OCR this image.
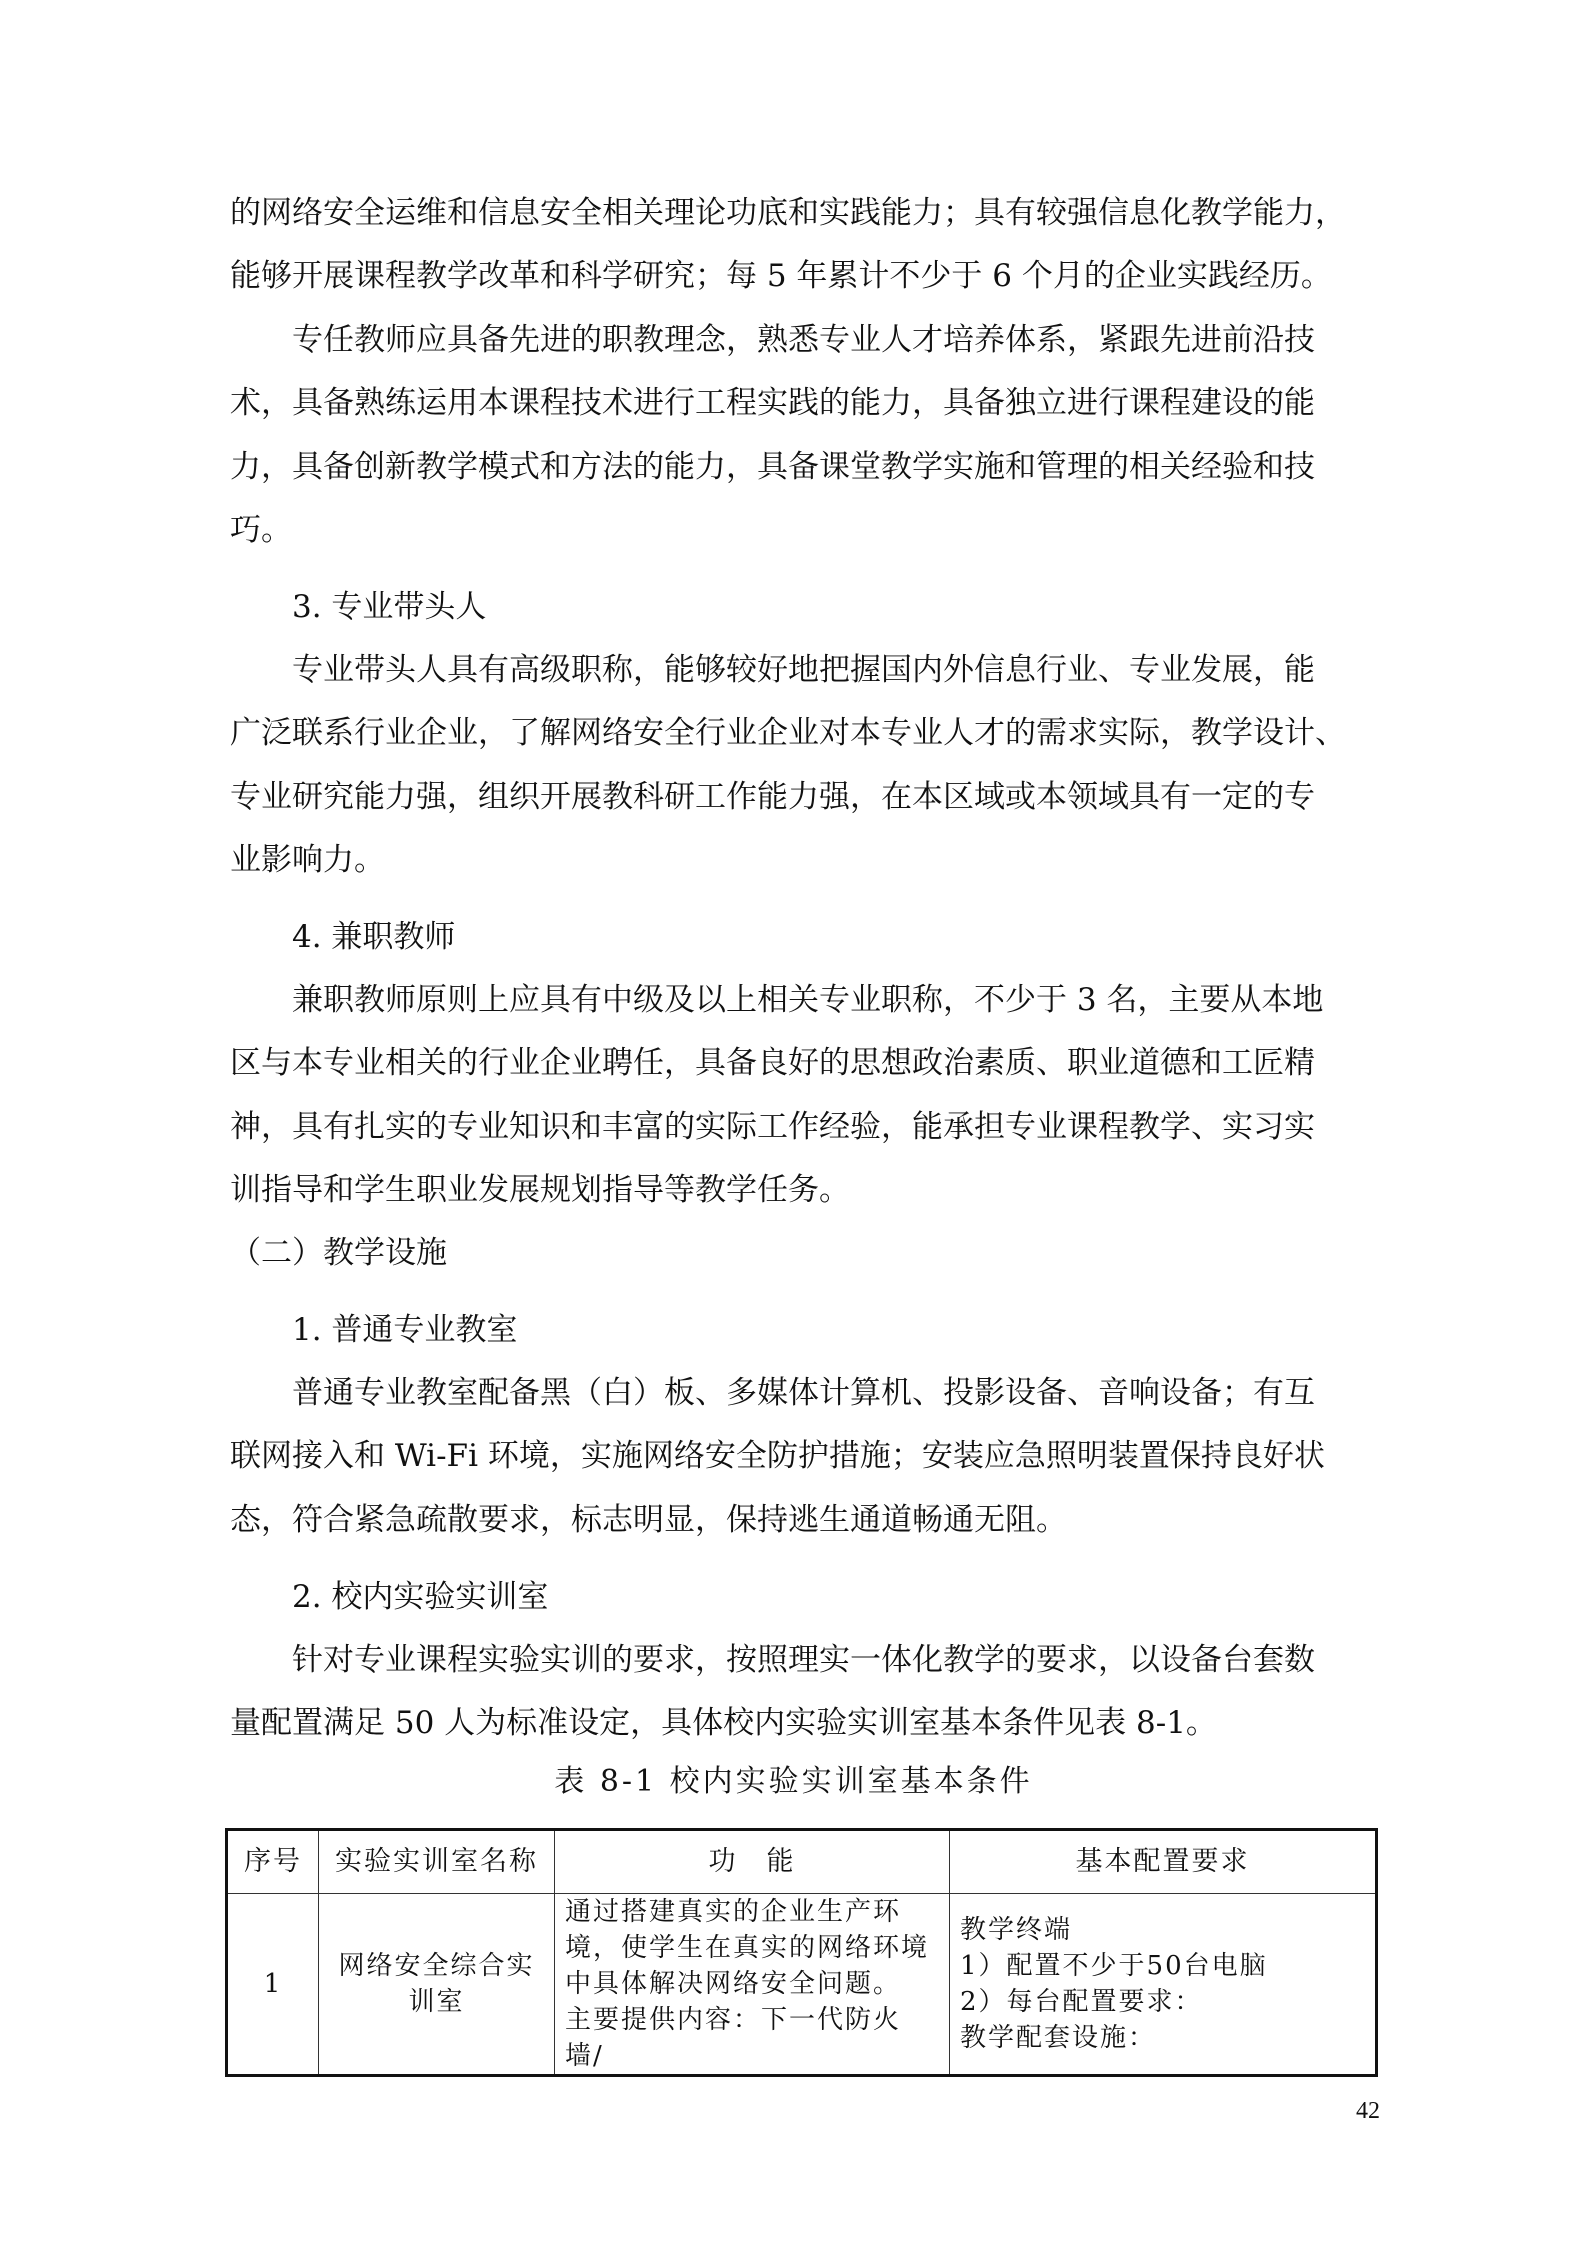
的网络安全运维和信息安全相关理论功底和实践能力；具有较强信息化教学能力，
能够开展课程教学改革和科学研究；每 5 年累计不少于 6 个月的企业实践经历。
专任教师应具备先进的职教理念，熟悉专业人才培养体系，紧跟先进前沿技
术，具备熟练运用本课程技术进行工程实践的能力，具备独立进行课程建设的能
力，具备创新教学模式和方法的能力，具备课堂教学实施和管理的相关经验和技
巧。
3. 专业带头人
专业带头人具有高级职称，能够较好地把握国内外信息行业、专业发展，能
广泛联系行业企业，了解网络安全行业企业对本专业人才的需求实际，教学设计、
专业研究能力强，组织开展教科研工作能力强，在本区域或本领域具有一定的专
业影响力。
4. 兼职教师
兼职教师原则上应具有中级及以上相关专业职称，不少于 3 名，主要从本地
区与本专业相关的行业企业聘任，具备良好的思想政治素质、职业道德和工匠精
神，具有扎实的专业知识和丰富的实际工作经验，能承担专业课程教学、实习实
训指导和学生职业发展规划指导等教学任务。
（二）教学设施
1. 普通专业教室
普通专业教室配备黑（白）板、多媒体计算机、投影设备、音响设备；有互
联网接入和 Wi-Fi 环境，实施网络安全防护措施；安装应急照明装置保持良好状
态，符合紧急疏散要求，标志明显，保持逃生通道畅通无阻。
2. 校内实验实训室
针对专业课程实验实训的要求，按照理实一体化教学的要求，以设备台套数
量配置满足 50 人为标准设定，具体校内实验实训室基本条件见表 8-1。
表 8-1 校内实验实训室基本条件
序号	实验实训室名称	功　能	基本配置要求
1	网络安全综合实训室	通过搭建真实的企业生产环境，使学生在真实的网络环境中具体解决网络安全问题。
主要提供内容：下一代防火墙/	教学终端
1）配置不少于50台电脑
2）每台配置要求：
教学配套设施：
42
